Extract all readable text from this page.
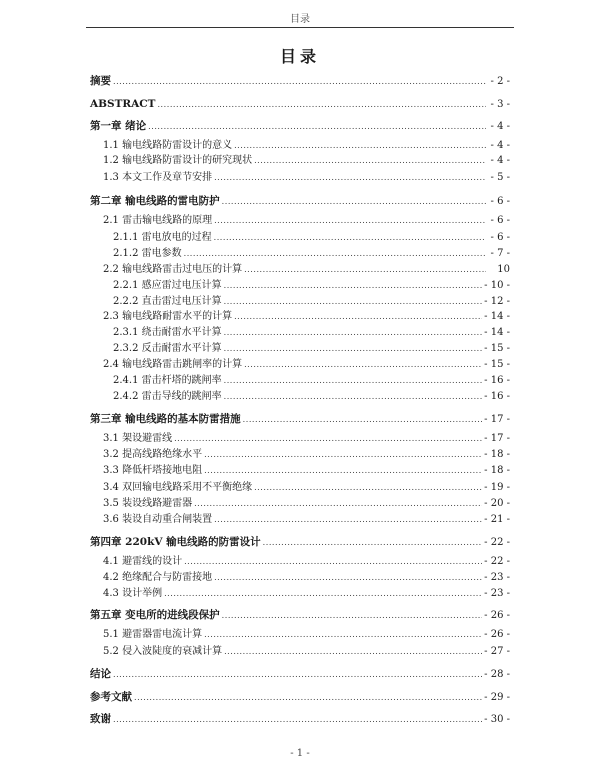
目录
目录
摘要 . . .	- 2 -
ABSTRACT . . .	- 3 -
第一章 绪论 . . .	- 4 -
1.1 输电线路防雷设计的意义 . . .	- 4 -
1.2 输电线路防雷设计的研究现状 . . .	- 4 -
1.3 本文工作及章节安排 . . .	- 5 -
第二章 输电线路的雷电防护 . . .	- 6 -
2.1 雷击输电线路的原理 . . .	- 6 -
2.1.1 雷电放电的过程 . . .	- 6 -
2.1.2 雷电参数 . . .	- 7 -
2.2 输电线路雷击过电压的计算 . . .	10
2.2.1 感应雷过电压计算 . . .	- 10 -
2.2.2 直击雷过电压计算 . . .	- 12 -
2.3 输电线路耐雷水平的计算 . . .	- 14 -
2.3.1 绕击耐雷水平计算 . . .	- 14 -
2.3.2 反击耐雷水平计算 . . .	- 15 -
2.4 输电线路雷击跳闸率的计算 . . .	- 15 -
2.4.1 雷击杆塔的跳闸率 . . .	- 16 -
2.4.2 雷击导线的跳闸率 . . .	- 16 -
第三章 输电线路的基本防雷措施 . . .	- 17 -
3.1 架设避雷线 . . .	- 17 -
3.2 提高线路绝缘水平 . . .	- 18 -
3.3 降低杆塔接地电阻 . . .	- 18 -
3.4 双回输电线路采用不平衡绝缘 . . .	- 19 -
3.5 装设线路避雷器 . . .	- 20 -
3.6 装设自动重合闸装置 . . .	- 21 -
第四章 220kV 输电线路的防雷设计 . . .	- 22 -
4.1 避雷线的设计 . . .	- 22 -
4.2 绝缘配合与防雷接地 . . .	- 23 -
4.3 设计举例 . . .	- 23 -
第五章 变电所的进线段保护 . . .	- 26 -
5.1 避雷器雷电流计算 . . .	- 26 -
5.2 侵入波陡度的衰减计算 . . .	- 27 -
结论 . . .	- 28 -
参考文献 . . .	- 29 -
致谢 . . .	- 30 -
- 1 -
